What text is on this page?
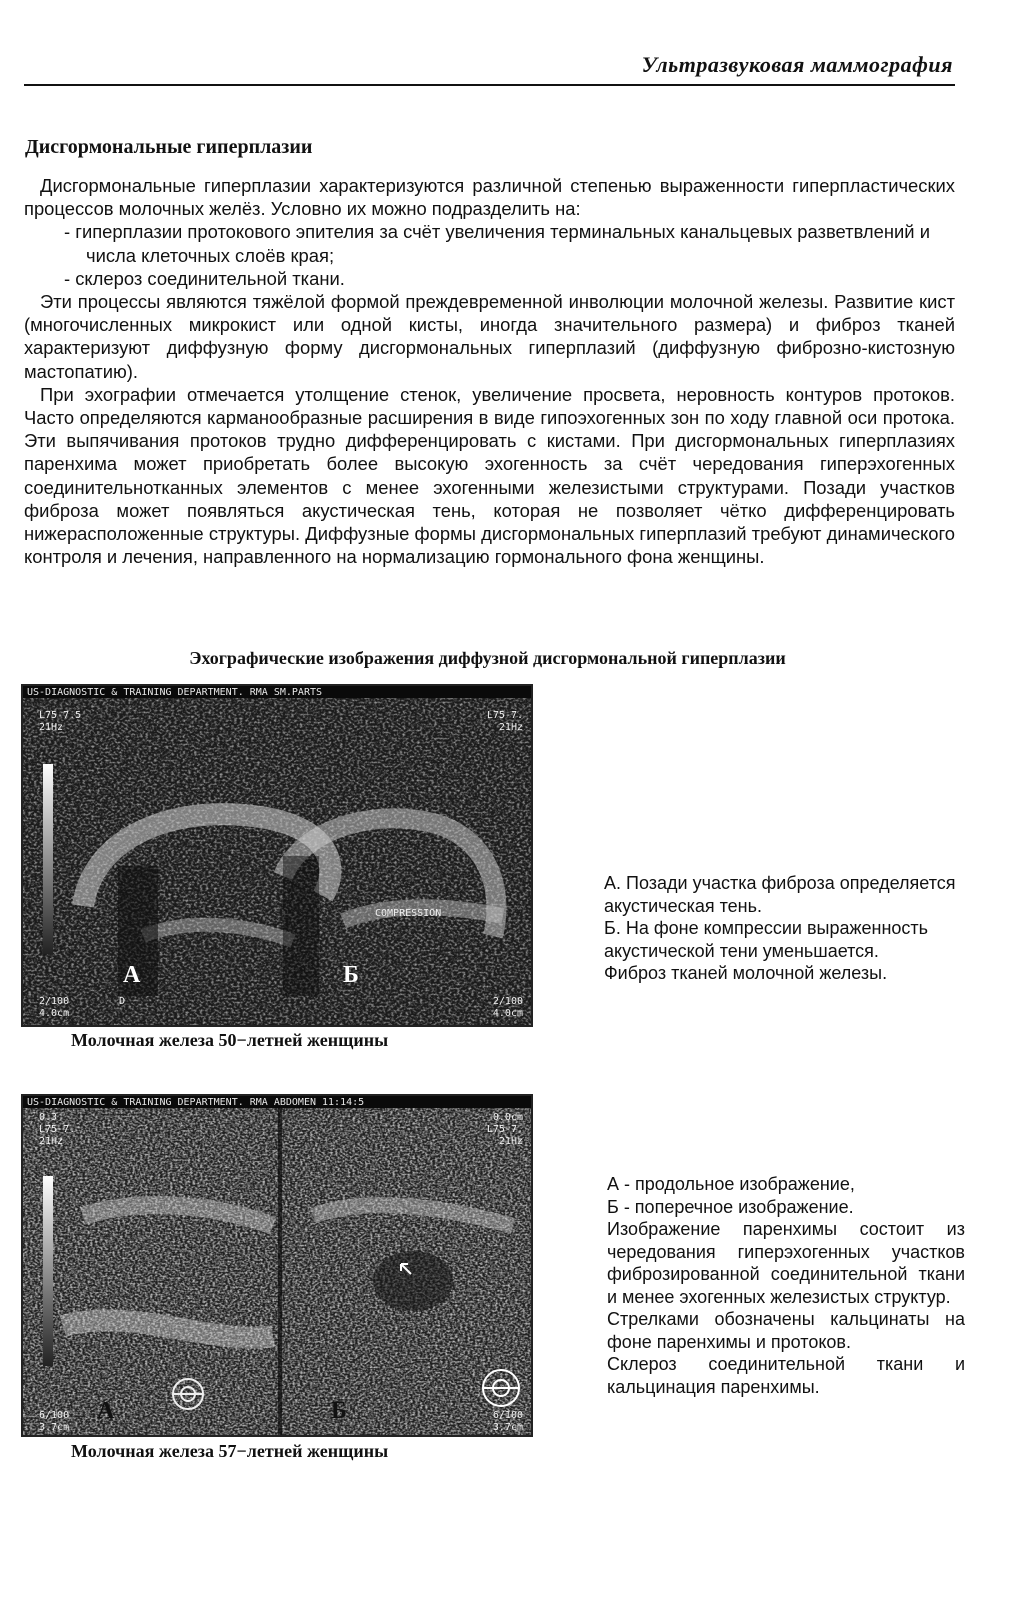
Ультразвуковая маммография
Дисгормональные гиперплазии

Дисгормональные гиперплазии характеризуются различной степенью выраженности гиперпластических процессов молочных желёз. Условно их можно подразделить на:

- гиперплазии протокового эпителия за счёт увеличения терминальных канальцевых разветвлений и числа клеточных слоёв края;
- склероз соединительной ткани.

Эти процессы являются тяжёлой формой преждевременной инволюции молочной железы. Развитие кист (многочисленных микрокист или одной кисты, иногда значительного размера) и фиброз тканей характеризуют диффузную форму дисгормональных гиперплазий (диффузную фиброзно-кистозную мастопатию).

При эхографии отмечается утолщение стенок, увеличение просвета, неровность контуров протоков. Часто определяются карманообразные расширения в виде гипоэхогенных зон по ходу главной оси протока. Эти выпячивания протоков трудно дифференцировать с кистами. При дисгормональных гиперплазиях паренхима может приобретать более высокую эхогенность за счёт чередования гиперэхогенных соединительнотканных элементов с менее эхогенными железистыми структурами. Позади участков фиброза может появляться акустическая тень, которая не позволяет чётко дифференцировать нижерасположенные структуры. Диффузные формы дисгормональных гиперплазий требуют динамического контроля и лечения, направленного на нормализацию гормонального фона женщины.

Эхографические изображения диффузной дисгормональной гиперплазии
US-DIAGNOSTIC & TRAINING DEPARTMENT. RMA SM.PARTS
L75-7.5
21Hz
L75-7.
21Hz
COMPRESSION
А	Б
2/100
4.0cm
D	2/100
4.0cm
Молочная железа 50−летней женщины

А. Позади участка фиброза определяется акустическая тень.

Б. На фоне компрессии выраженность акустической тени уменьшается.

Фиброз тканей молочной железы.

US-DIAGNOSTIC & TRAINING DEPARTMENT. RMA ABDOMEN 11:14:5
0.3
L75-7.
21Hz
0.0cm
L75-7.
21Hz
А	Б
6/100
3.7cm
6/100
3.7cm
Молочная железа 57−летней женщины

А - продольное изображение,

Б - поперечное изображение.

Изображение паренхимы состоит из чередования гиперэхогенных участков фиброзированной соединительной ткани и менее эхогенных железистых структур.

Стрелками обозначены кальцинаты на фоне паренхимы и протоков.

Склероз соединительной ткани и кальцинация паренхимы.
